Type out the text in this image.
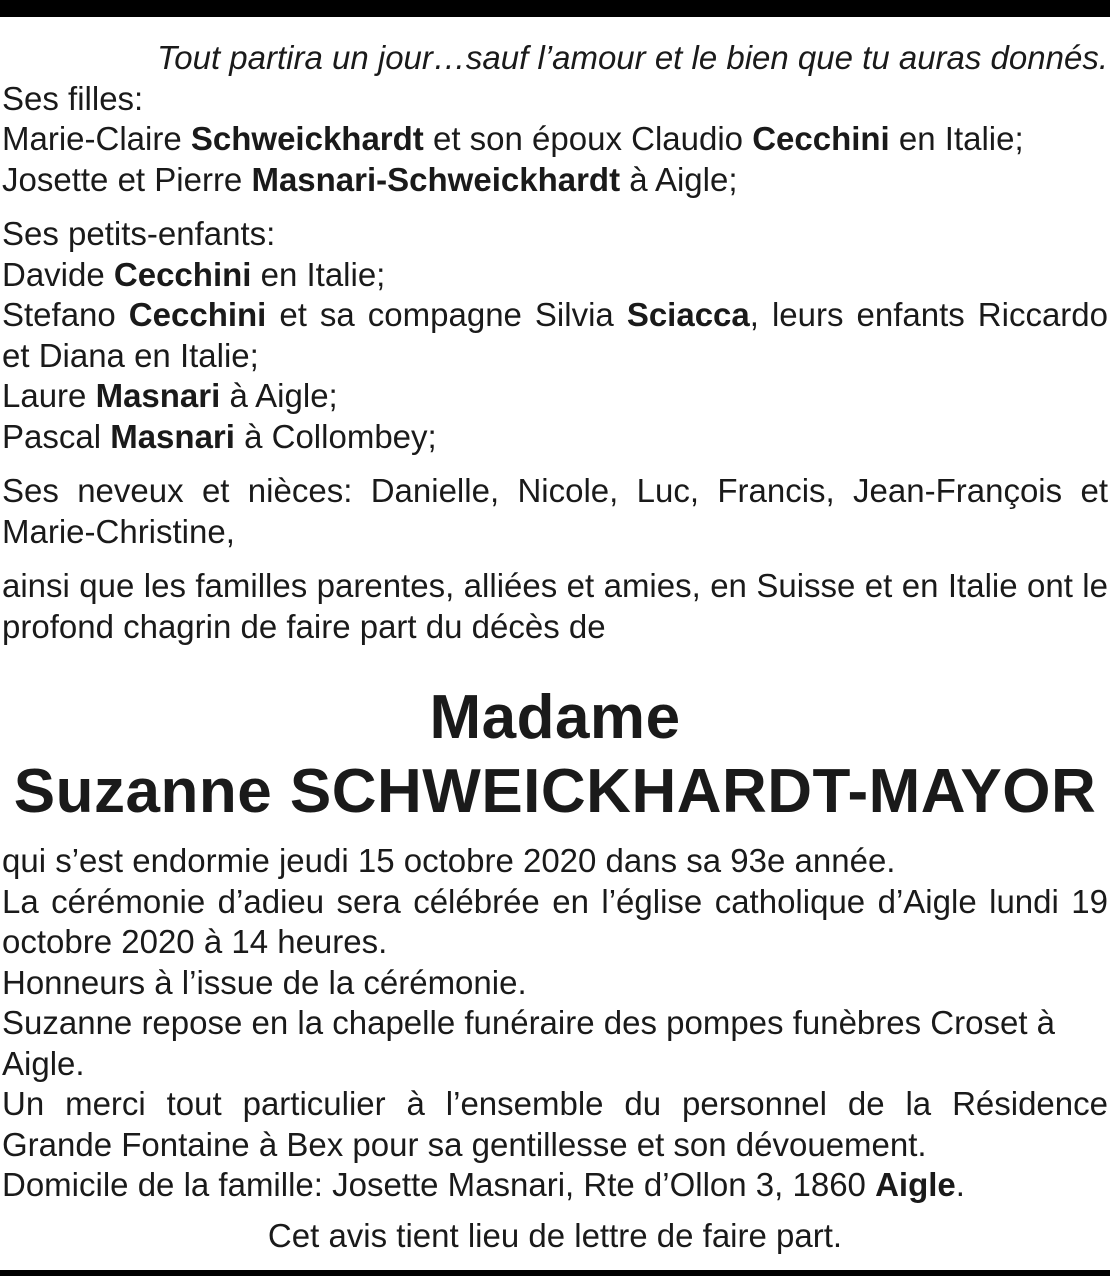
Tout partira un jour…sauf l’amour et le bien que tu auras donnés.

Ses filles:

Marie-Claire Schweickhardt et son époux Claudio Cecchini en Italie;

Josette et Pierre Masnari-Schweickhardt à Aigle;

Ses petits-enfants:

Davide Cecchini en Italie;

Stefano Cecchini et sa compagne Silvia Sciacca, leurs enfants Riccardo et Diana en Italie;

Laure Masnari à Aigle;

Pascal Masnari à Collombey;

Ses neveux et nièces: Danielle, Nicole, Luc, Francis, Jean-François et Marie-Christine,

ainsi que les familles parentes, alliées et amies, en Suisse et en Italie ont le profond chagrin de faire part du décès de

Madame
Suzanne SCHWEICKHARDT-MAYOR

qui s’est endormie jeudi 15 octobre 2020 dans sa 93e année.

La cérémonie d’adieu sera célébrée en l’église catholique d’Aigle lundi 19 octobre 2020 à 14 heures.

Honneurs à l’issue de la cérémonie.

Suzanne repose en la chapelle funéraire des pompes funèbres Croset à Aigle.

Un merci tout particulier à l’ensemble du personnel de la Résidence Grande Fontaine à Bex pour sa gentillesse et son dévouement.

Domicile de la famille: Josette Masnari, Rte d’Ollon 3, 1860 Aigle.

Cet avis tient lieu de lettre de faire part.
